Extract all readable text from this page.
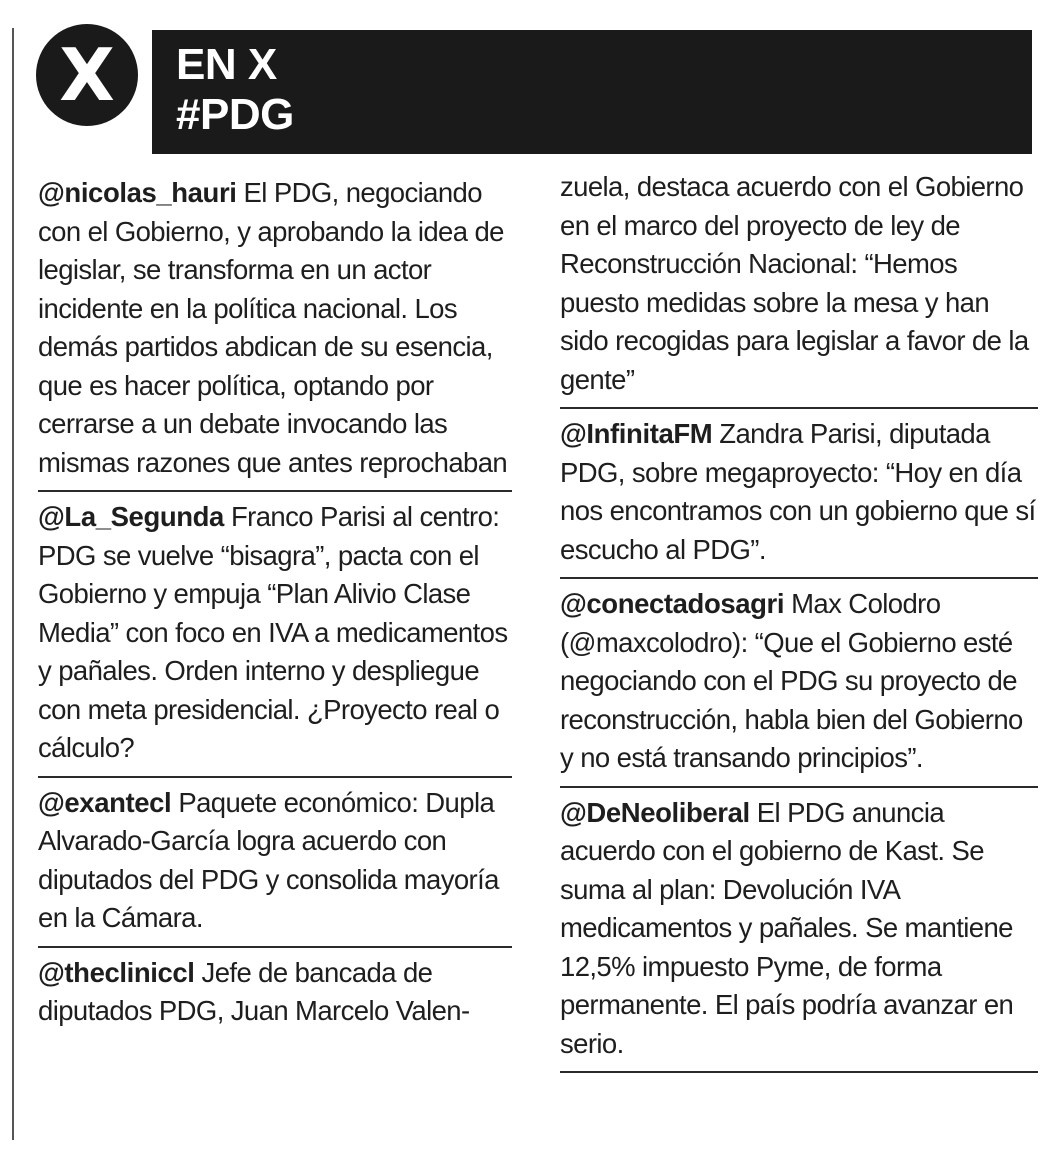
X	EN X
#PDG

@nicolas_hauri El PDG, negociando con el Gobierno, y aprobando la idea de legislar, se transforma en un actor incidente en la política nacional. Los demás partidos abdican de su esencia, que es hacer política, optando por cerrarse a un debate invocando las mismas razones que antes reprochaban

@La_Segunda Franco Parisi al centro: PDG se vuelve “bisagra”, pacta con el Gobierno y empuja “Plan Alivio Clase Media” con foco en IVA a medicamentos y pañales. Orden interno y despliegue con meta presidencial. ¿Proyecto real o cálculo?

@exantecl Paquete económico: Dupla Alvarado-García logra acuerdo con diputados del PDG y consolida mayoría en la Cámara.

@theclinicc​l Jefe de bancada de diputados PDG, Juan Marcelo Valen-

zuela, destaca acuerdo con el Gobierno en el marco del proyecto de ley de Reconstrucción Nacional: “Hemos puesto medidas sobre la mesa y han sido recogidas para legislar a favor de la gente”

@InfinitaFM Zandra Parisi, diputada PDG, sobre megaproyecto: “Hoy en día nos encontramos con un gobierno que sí escucho al PDG”.

@conectadosagri Max Colodro (@maxcolodro): “Que el Gobierno esté negociando con el PDG su proyecto de reconstrucción, habla bien del Gobierno y no está transando principios”.

@DeNeoliberal El PDG anuncia acuerdo con el gobierno de Kast. Se suma al plan: Devolución IVA medicamentos y pañales. Se mantiene 12,5% impuesto Pyme, de forma permanente. El país podría avanzar en serio.
